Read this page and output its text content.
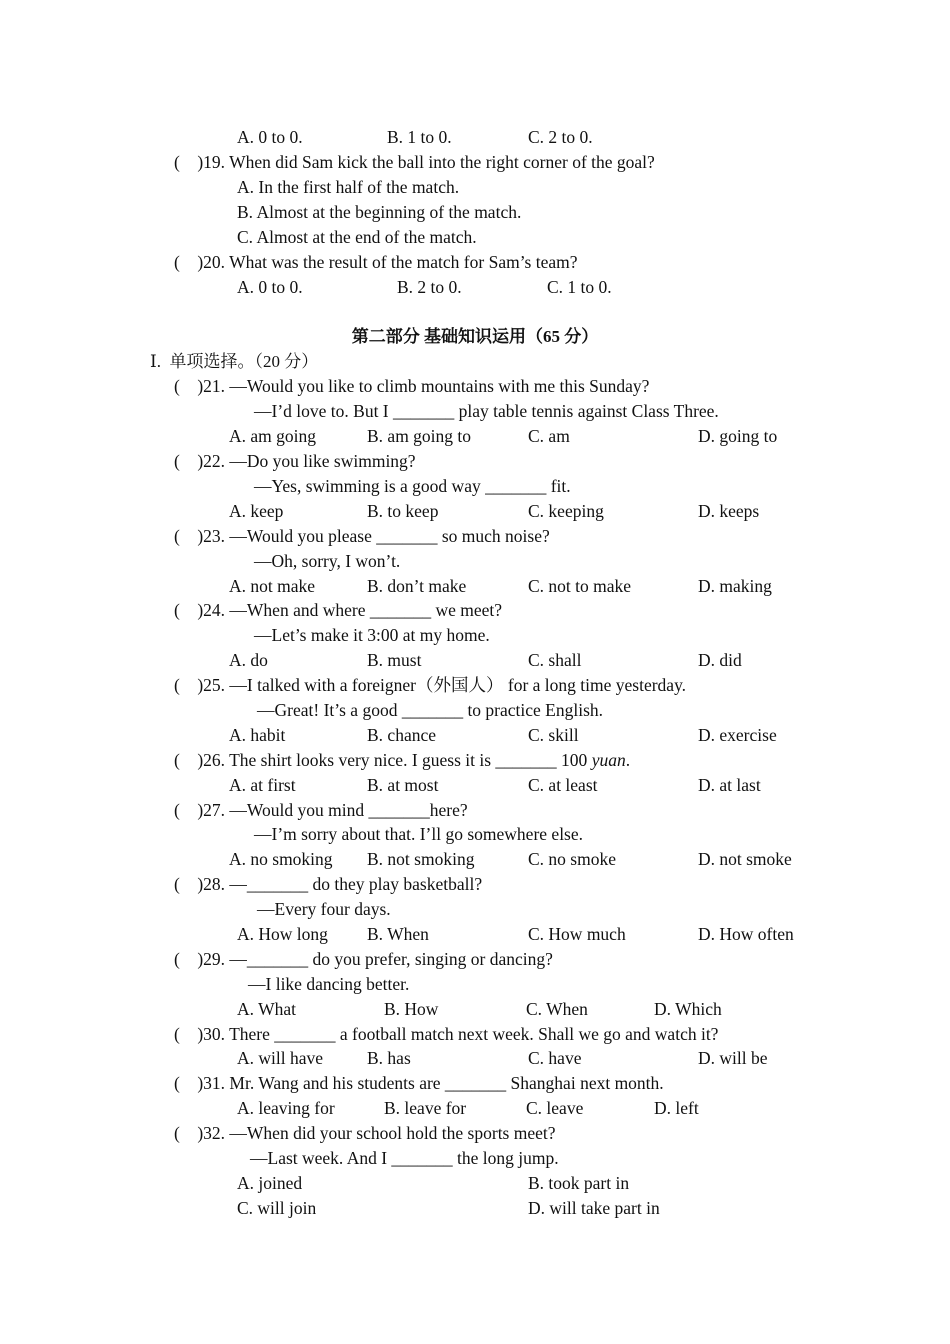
A. 0 to 0.	B. 1 to 0.	C. 2 to 0.
(    )19. When did Sam kick the ball into the right corner of the goal?
A. In the first half of the match.
B. Almost at the beginning of the match.
C. Almost at the end of the match.
(    )20. What was the result of the match for Sam’s team?
A. 0 to 0.	B. 2 to 0.	C. 1 to 0.
第二部分 基础知识运用（65 分）
Ⅰ.  单项选择。（20 分）
(    )21. —Would you like to climb mountains with me this Sunday?
—I’d love to. But I _______ play table tennis against Class Three.
A. am going	B. am going to	C. am	D. going to
(    )22. —Do you like swimming?
—Yes, swimming is a good way _______ fit.
A. keep	B. to keep	C. keeping	D. keeps
(    )23. —Would you please _______ so much noise?
—Oh, sorry, I won’t.
A. not make	B. don’t make	C. not to make	D. making
(    )24. —When and where _______ we meet?
—Let’s make it 3:00 at my home.
A. do	B. must	C. shall	D. did
(    )25. —I talked with a foreigner（外国人） for a long time yesterday.
—Great! It’s a good _______ to practice English.
A. habit	B. chance	C. skill	D. exercise
(    )26. The shirt looks very nice. I guess it is _______ 100 yuan.
A. at first	B. at most	C. at least	D. at last
(    )27. —Would you mind _______here?
—I’m sorry about that. I’ll go somewhere else.
A. no smoking B. not smoking	C. no smoke	D. not smoke
(    )28. —_______ do they play basketball?
—Every four days.
A. How long B. When	C. How much	D. How often
(    )29. —_______ do you prefer, singing or dancing?
—I like dancing better.
A. What	B. How	C. When	D. Which
(    )30. There _______ a football match next week. Shall we go and watch it?
A. will have	B. has	C. have	D. will be
(    )31. Mr. Wang and his students are _______ Shanghai next month.
A. leaving for	B. leave for	C. leave	D. left
(    )32. —When did your school hold the sports meet?
—Last week. And I _______ the long jump.
A. joined	B. took part in
C. will join	D. will take part in
